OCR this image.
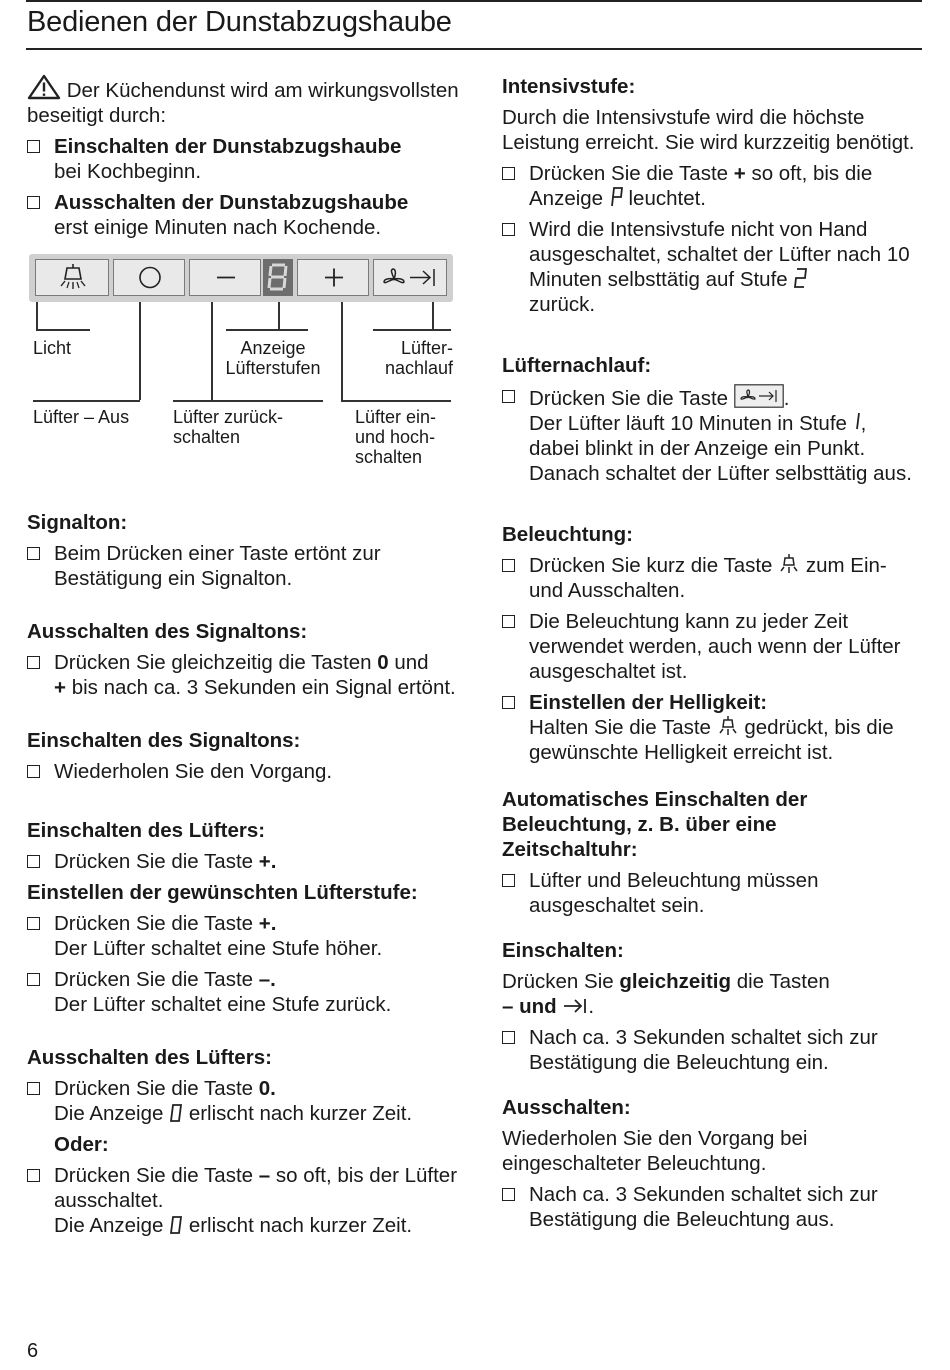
Bedienen der Dunstabzugshaube

Der Küchendunst wird am wirkungsvollsten beseitigt durch:

Einschalten der Dunstabzugshaube
bei Kochbeginn.

Ausschalten der Dunstabzugshaube
erst einige Minuten nach Kochende.

Licht	Anzeige
Lüfterstufen
Lüfter-
nachlauf
Lüfter – Aus Lüfter zurück-
schalten
Lüfter ein-
und hoch-
schalten

Signalton:

Beim Drücken einer Taste ertönt zur Bestätigung ein Signalton.

Ausschalten des Signaltons:

Drücken Sie gleichzeitig die Tasten 0 und
+ bis nach ca. 3 Sekunden ein Signal ertönt.

Einschalten des Signaltons:

Wiederholen Sie den Vorgang.

Einschalten des Lüfters:

Drücken Sie die Taste +.

Einstellen der gewünschten Lüfterstufe:

Drücken Sie die Taste +.
Der Lüfter schaltet eine Stufe höher.

Drücken Sie die Taste –.
Der Lüfter schaltet eine Stufe zurück.

Ausschalten des Lüfters:

Drücken Sie die Taste 0.
Die Anzeige erlischt nach kurzer Zeit.

Oder:

Drücken Sie die Taste – so oft, bis der Lüfter ausschaltet.
Die Anzeige erlischt nach kurzer Zeit.

Intensivstufe:

Durch die Intensivstufe wird die höchste Leistung erreicht. Sie wird kurzzeitig benötigt.

Drücken Sie die Taste + so oft, bis die Anzeige leuchtet.

Wird die Intensivstufe nicht von Hand ausgeschaltet, schaltet der Lüfter nach 10 Minuten selbsttätig auf Stufe
zurück.

Lüfternachlauf:

Drücken Sie die Taste	.
Der Lüfter läuft 10 Minuten in Stufe , dabei blinkt in der Anzeige ein Punkt. Danach schaltet der Lüfter selbsttätig aus.

Beleuchtung:

Drücken Sie kurz die Taste zum Ein- und Ausschalten.

Die Beleuchtung kann zu jeder Zeit verwendet werden, auch wenn der Lüfter ausgeschaltet ist.

Einstellen der Helligkeit:
Halten Sie die Taste gedrückt, bis die gewünschte Helligkeit erreicht ist.

Automatisches Einschalten der Beleuchtung, z. B. über eine Zeitschaltuhr:

Lüfter und Beleuchtung müssen ausgeschaltet sein.

Einschalten:

Drücken Sie gleichzeitig die Tasten
– und .

Nach ca. 3 Sekunden schaltet sich zur Bestätigung die Beleuchtung ein.

Ausschalten:

Wiederholen Sie den Vorgang bei eingeschalteter Beleuchtung.

Nach ca. 3 Sekunden schaltet sich zur Bestätigung die Beleuchtung aus.

6
